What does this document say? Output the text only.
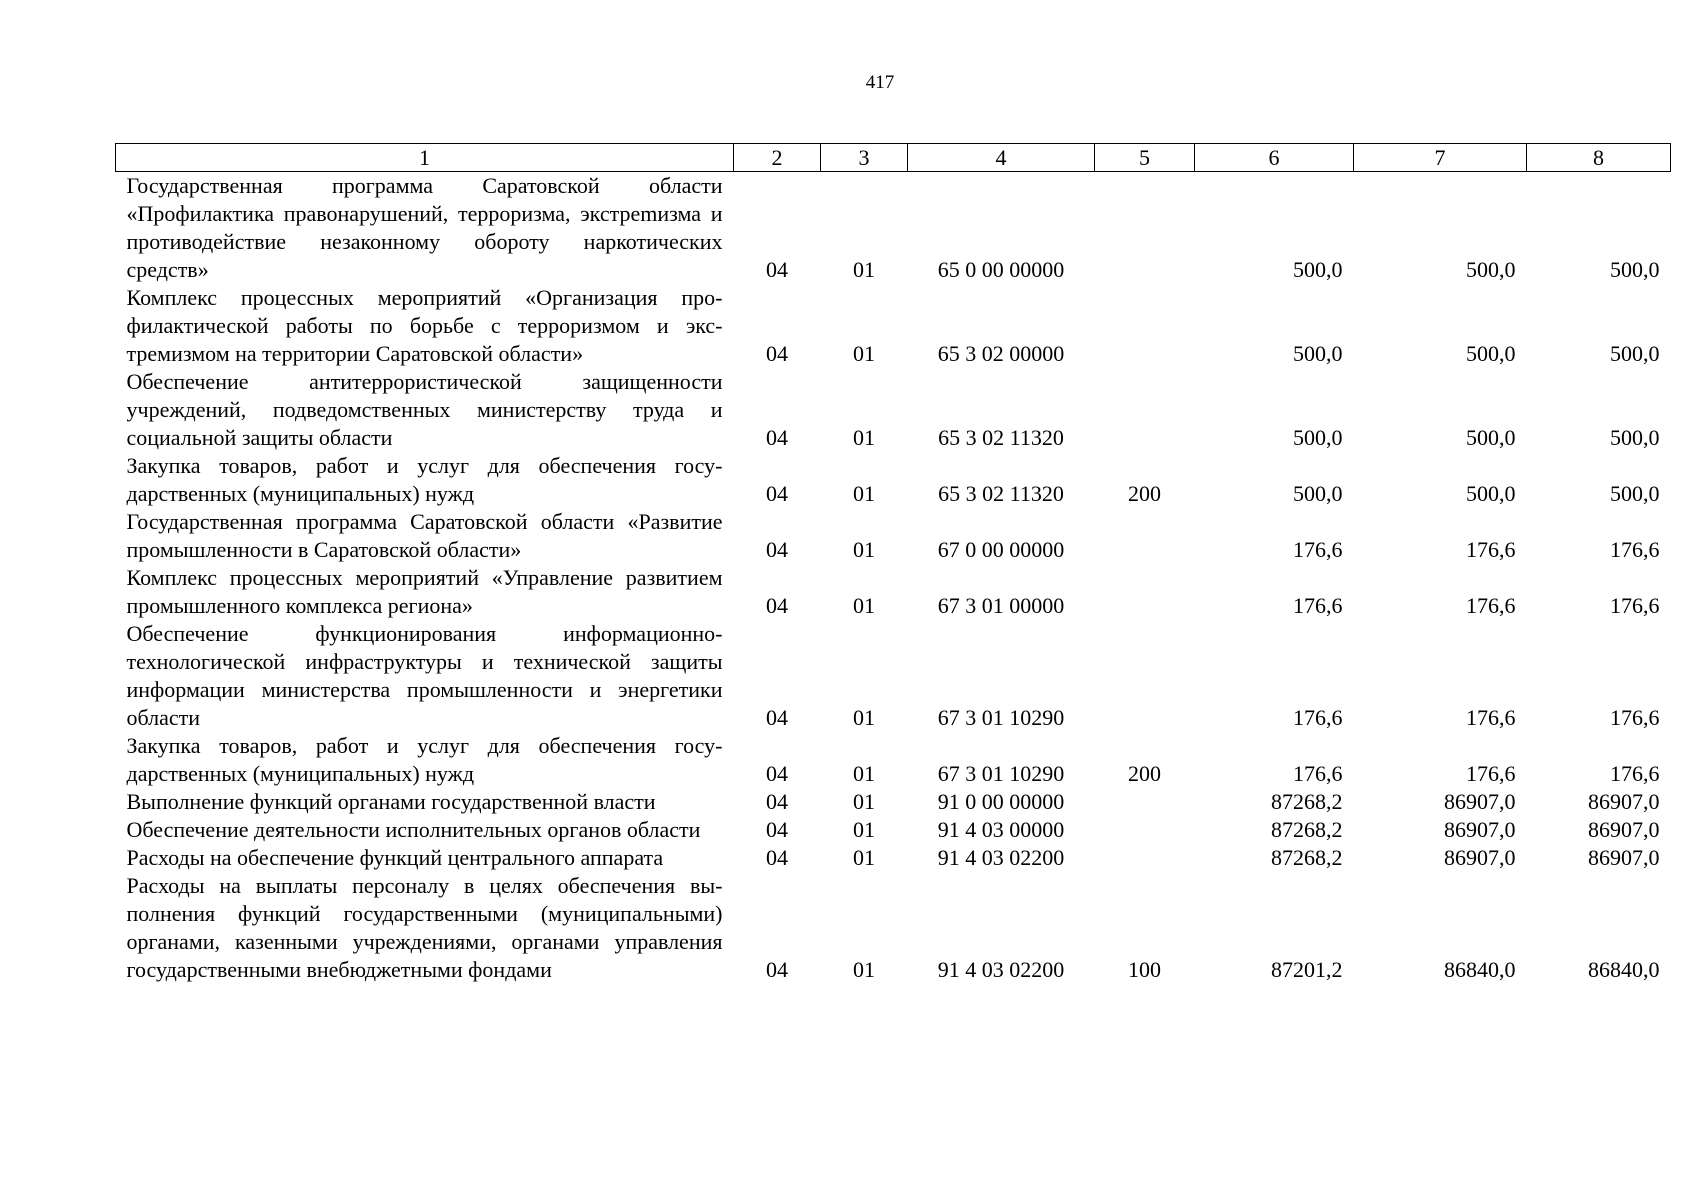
417
1	2	3	4	5	6	7	8
Государственная программа Саратовской области «Профилактика правонарушений, терроризма, экстреmизма и противодействие незаконному обороту наркотических средств»	04	01	65 0 00 00000		500,0	500,0	500,0
Комплекс процессных мероприятий «Организация профилактической работы по борьбе с терроризмом и экстремизмом на территории Саратовской области»	04	01	65 3 02 00000		500,0	500,0	500,0
Обеспечение антитеррористической защищенности учреждений, подведомственных министерству труда и социальной защиты области	04	01	65 3 02 11320		500,0	500,0	500,0
Закупка товаров, работ и услуг для обеспечения государственных (муниципальных) нужд	04	01	65 3 02 11320	200	500,0	500,0	500,0
Государственная программа Саратовской области «Развитие промышленности в Саратовской области»	04	01	67 0 00 00000		176,6	176,6	176,6
Комплекс процессных мероприятий «Управление развитием промышленного комплекса региона»	04	01	67 3 01 00000		176,6	176,6	176,6
Обеспечение функционирования информационно-технологической инфраструктуры и технической защиты информации министерства промышленности и энергетики области	04	01	67 3 01 10290		176,6	176,6	176,6
Закупка товаров, работ и услуг для обеспечения государственных (муниципальных) нужд	04	01	67 3 01 10290	200	176,6	176,6	176,6
Выполнение функций органами государственной власти	04	01	91 0 00 00000		87268,2	86907,0	86907,0
Обеспечение деятельности исполнительных органов области	04	01	91 4 03 00000		87268,2	86907,0	86907,0
Расходы на обеспечение функций центрального аппарата	04	01	91 4 03 02200		87268,2	86907,0	86907,0
Расходы на выплаты персоналу в целях обеспечения выполнения функций государственными (муниципальными) органами, казенными учреждениями, органами управления государственными внебюджетными фондами	04	01	91 4 03 02200	100	87201,2	86840,0	86840,0
